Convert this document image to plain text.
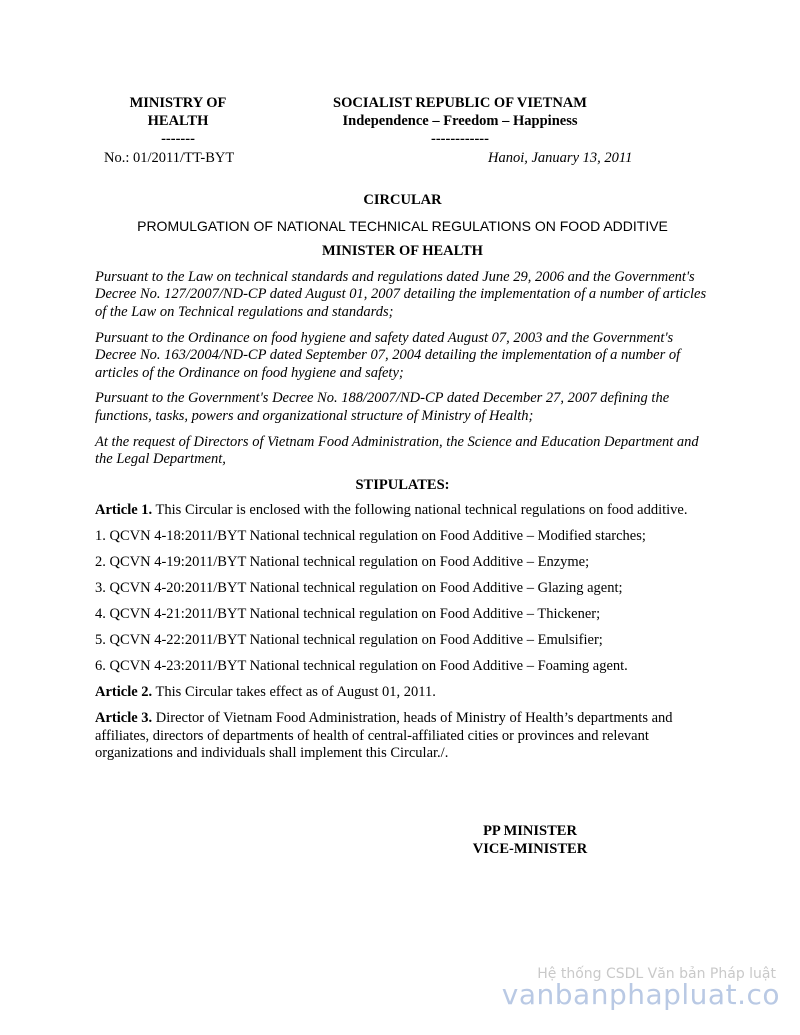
MINISTRY OF
HEALTH
-------
SOCIALIST REPUBLIC OF VIETNAM
Independence – Freedom – Happiness
------------
No.: 01/2011/TT-BYT	Hanoi, January 13, 2011
CIRCULAR
PROMULGATION OF NATIONAL TECHNICAL REGULATIONS ON FOOD ADDITIVE
MINISTER OF HEALTH

Pursuant to the Law on technical standards and regulations dated June 29, 2006 and the Government's Decree No. 127/2007/ND-CP dated August 01, 2007 detailing the implementation of a number of articles of the Law on Technical regulations and standards;

Pursuant to the Ordinance on food hygiene and safety dated August 07, 2003 and the Government's Decree No. 163/2004/ND-CP dated September 07, 2004 detailing the implementation of a number of articles of the Ordinance on food hygiene and safety;

Pursuant to the Government's Decree No. 188/2007/ND-CP dated December 27, 2007 defining the functions, tasks, powers and organizational structure of Ministry of Health;

At the request of Directors of Vietnam Food Administration, the Science and Education Department and the Legal Department,

STIPULATES:

Article 1. This Circular is enclosed with the following national technical regulations on food additive.

1. QCVN 4-18:2011/BYT National technical regulation on Food Additive – Modified starches;
2. QCVN 4-19:2011/BYT National technical regulation on Food Additive – Enzyme;
3. QCVN 4-20:2011/BYT National technical regulation on Food Additive – Glazing agent;
4. QCVN 4-21:2011/BYT National technical regulation on Food Additive – Thickener;
5. QCVN 4-22:2011/BYT National technical regulation on Food Additive – Emulsifier;
6. QCVN 4-23:2011/BYT National technical regulation on Food Additive – Foaming agent.

Article 2. This Circular takes effect as of August 01, 2011.

Article 3. Director of Vietnam Food Administration, heads of Ministry of Health’s departments and affiliates, directors of departments of health of central-affiliated cities or provinces and relevant organizations and individuals shall implement this Circular./.

PP MINISTER
VICE-MINISTER
Hệ thống CSDL Văn bản Pháp luật
vanbanphapluat.co
